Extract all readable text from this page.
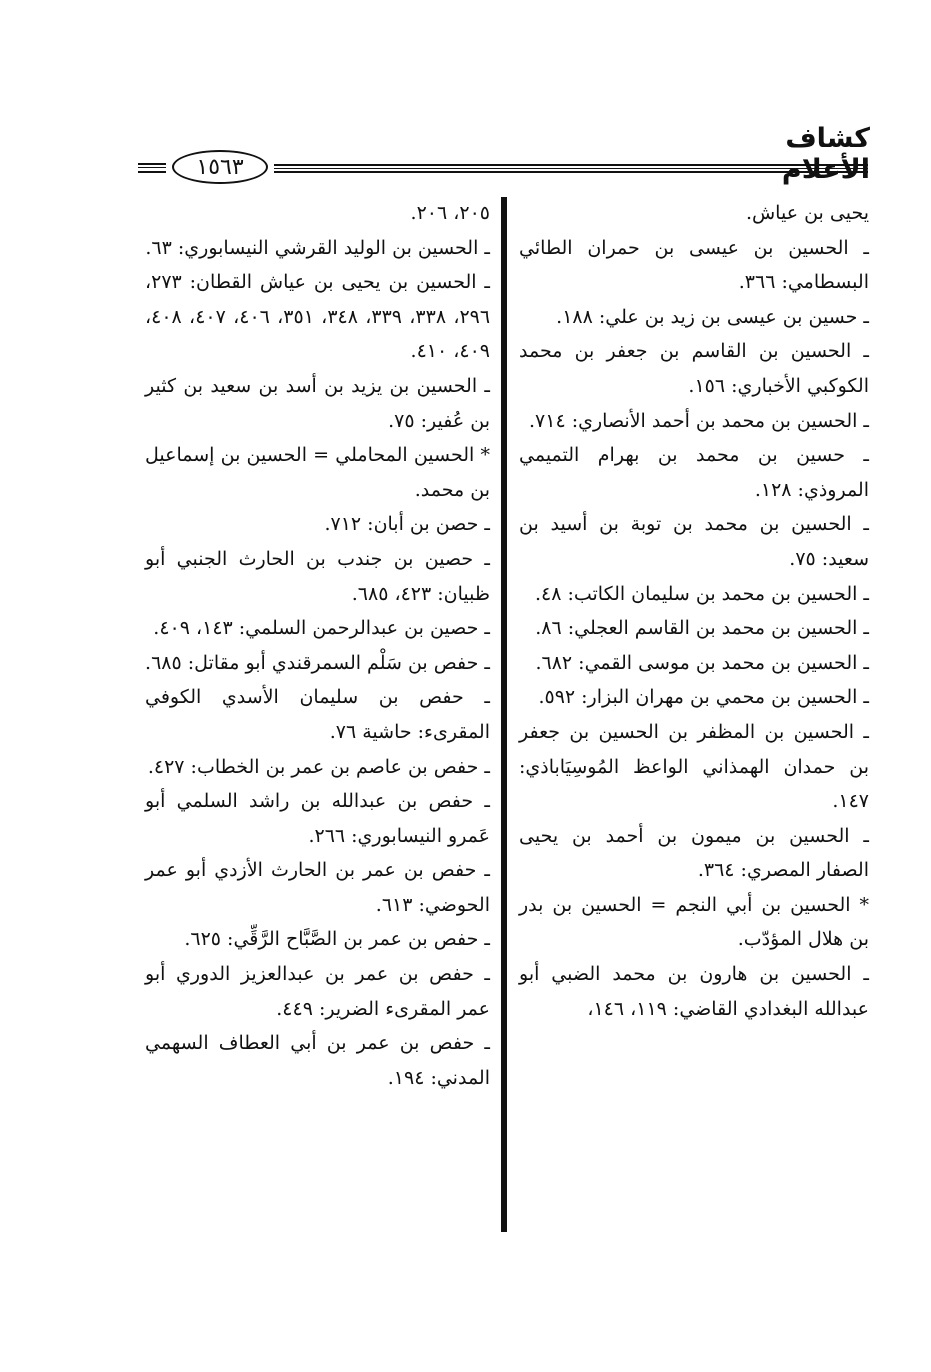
كشاف الأعلام
١٥٦٣

يحيى بن عياش.

ـ الحسين بن عيسى بن حمران الطائي البسطامي: ٣٦٦.

ـ حسين بن عيسى بن زيد بن علي: ١٨٨.

ـ الحسين بن القاسم بن جعفر بن محمد الكوكبي الأخباري: ١٥٦.

ـ الحسين بن محمد بن أحمد الأنصاري: ٧١٤.

ـ حسين بن محمد بن بهرام التميمي المروذي: ١٢٨.

ـ الحسين بن محمد بن توبة بن أسيد بن سعيد: ٧٥.

ـ الحسين بن محمد بن سليمان الكاتب: ٤٨.

ـ الحسين بن محمد بن القاسم العجلي: ٨٦.

ـ الحسين بن محمد بن موسى القمي: ٦٨٢.

ـ الحسين بن محمي بن مهران البزار: ٥٩٢.

ـ الحسين بن المظفر بن الحسين بن جعفر بن حمدان الهمذاني الواعظ المُوسِيَاباذي: ١٤٧.

ـ الحسين بن ميمون بن أحمد بن يحيى الصفار المصري: ٣٦٤.

* الحسين بن أبي النجم = الحسين بن بدر بن هلال المؤدّب.

ـ الحسين بن هارون بن محمد الضبي أبو عبدالله البغدادي القاضي: ١١٩، ١٤٦،

٢٠٥، ٢٠٦.

ـ الحسين بن الوليد القرشي النيسابوري: ٦٣.

ـ الحسين بن يحيى بن عياش القطان: ٢٧٣، ٢٩٦، ٣٣٨، ٣٣٩، ٣٤٨، ٣٥١، ٤٠٦، ٤٠٧، ٤٠٨، ٤٠٩، ٤١٠.

ـ الحسين بن يزيد بن أسد بن سعيد بن كثير بن عُفير: ٧٥.

* الحسين المحاملي = الحسين بن إسماعيل بن محمد.

ـ حصن بن أبان: ٧١٢.

ـ حصين بن جندب بن الحارث الجنبي أبو ظبيان: ٤٢٣، ٦٨٥.

ـ حصين بن عبدالرحمن السلمي: ١٤٣، ٤٠٩.

ـ حفص بن سَلْم السمرقندي أبو مقاتل: ٦٨٥.

ـ حفص بن سليمان الأسدي الكوفي المقرىء: حاشية ٧٦.

ـ حفص بن عاصم بن عمر بن الخطاب: ٤٢٧.

ـ حفص بن عبدالله بن راشد السلمي أبو عَمرو النيسابوري: ٢٦٦.

ـ حفص بن عمر بن الحارث الأزدي أبو عمر الحوضي: ٦١٣.

ـ حفص بن عمر بن الصَّبَّاح الرَّقِّي: ٦٢٥.

ـ حفص بن عمر بن عبدالعزيز الدوري أبو عمر المقرىء الضرير: ٤٤٩.

ـ حفص بن عمر بن أبي العطاف السهمي المدني: ١٩٤.
